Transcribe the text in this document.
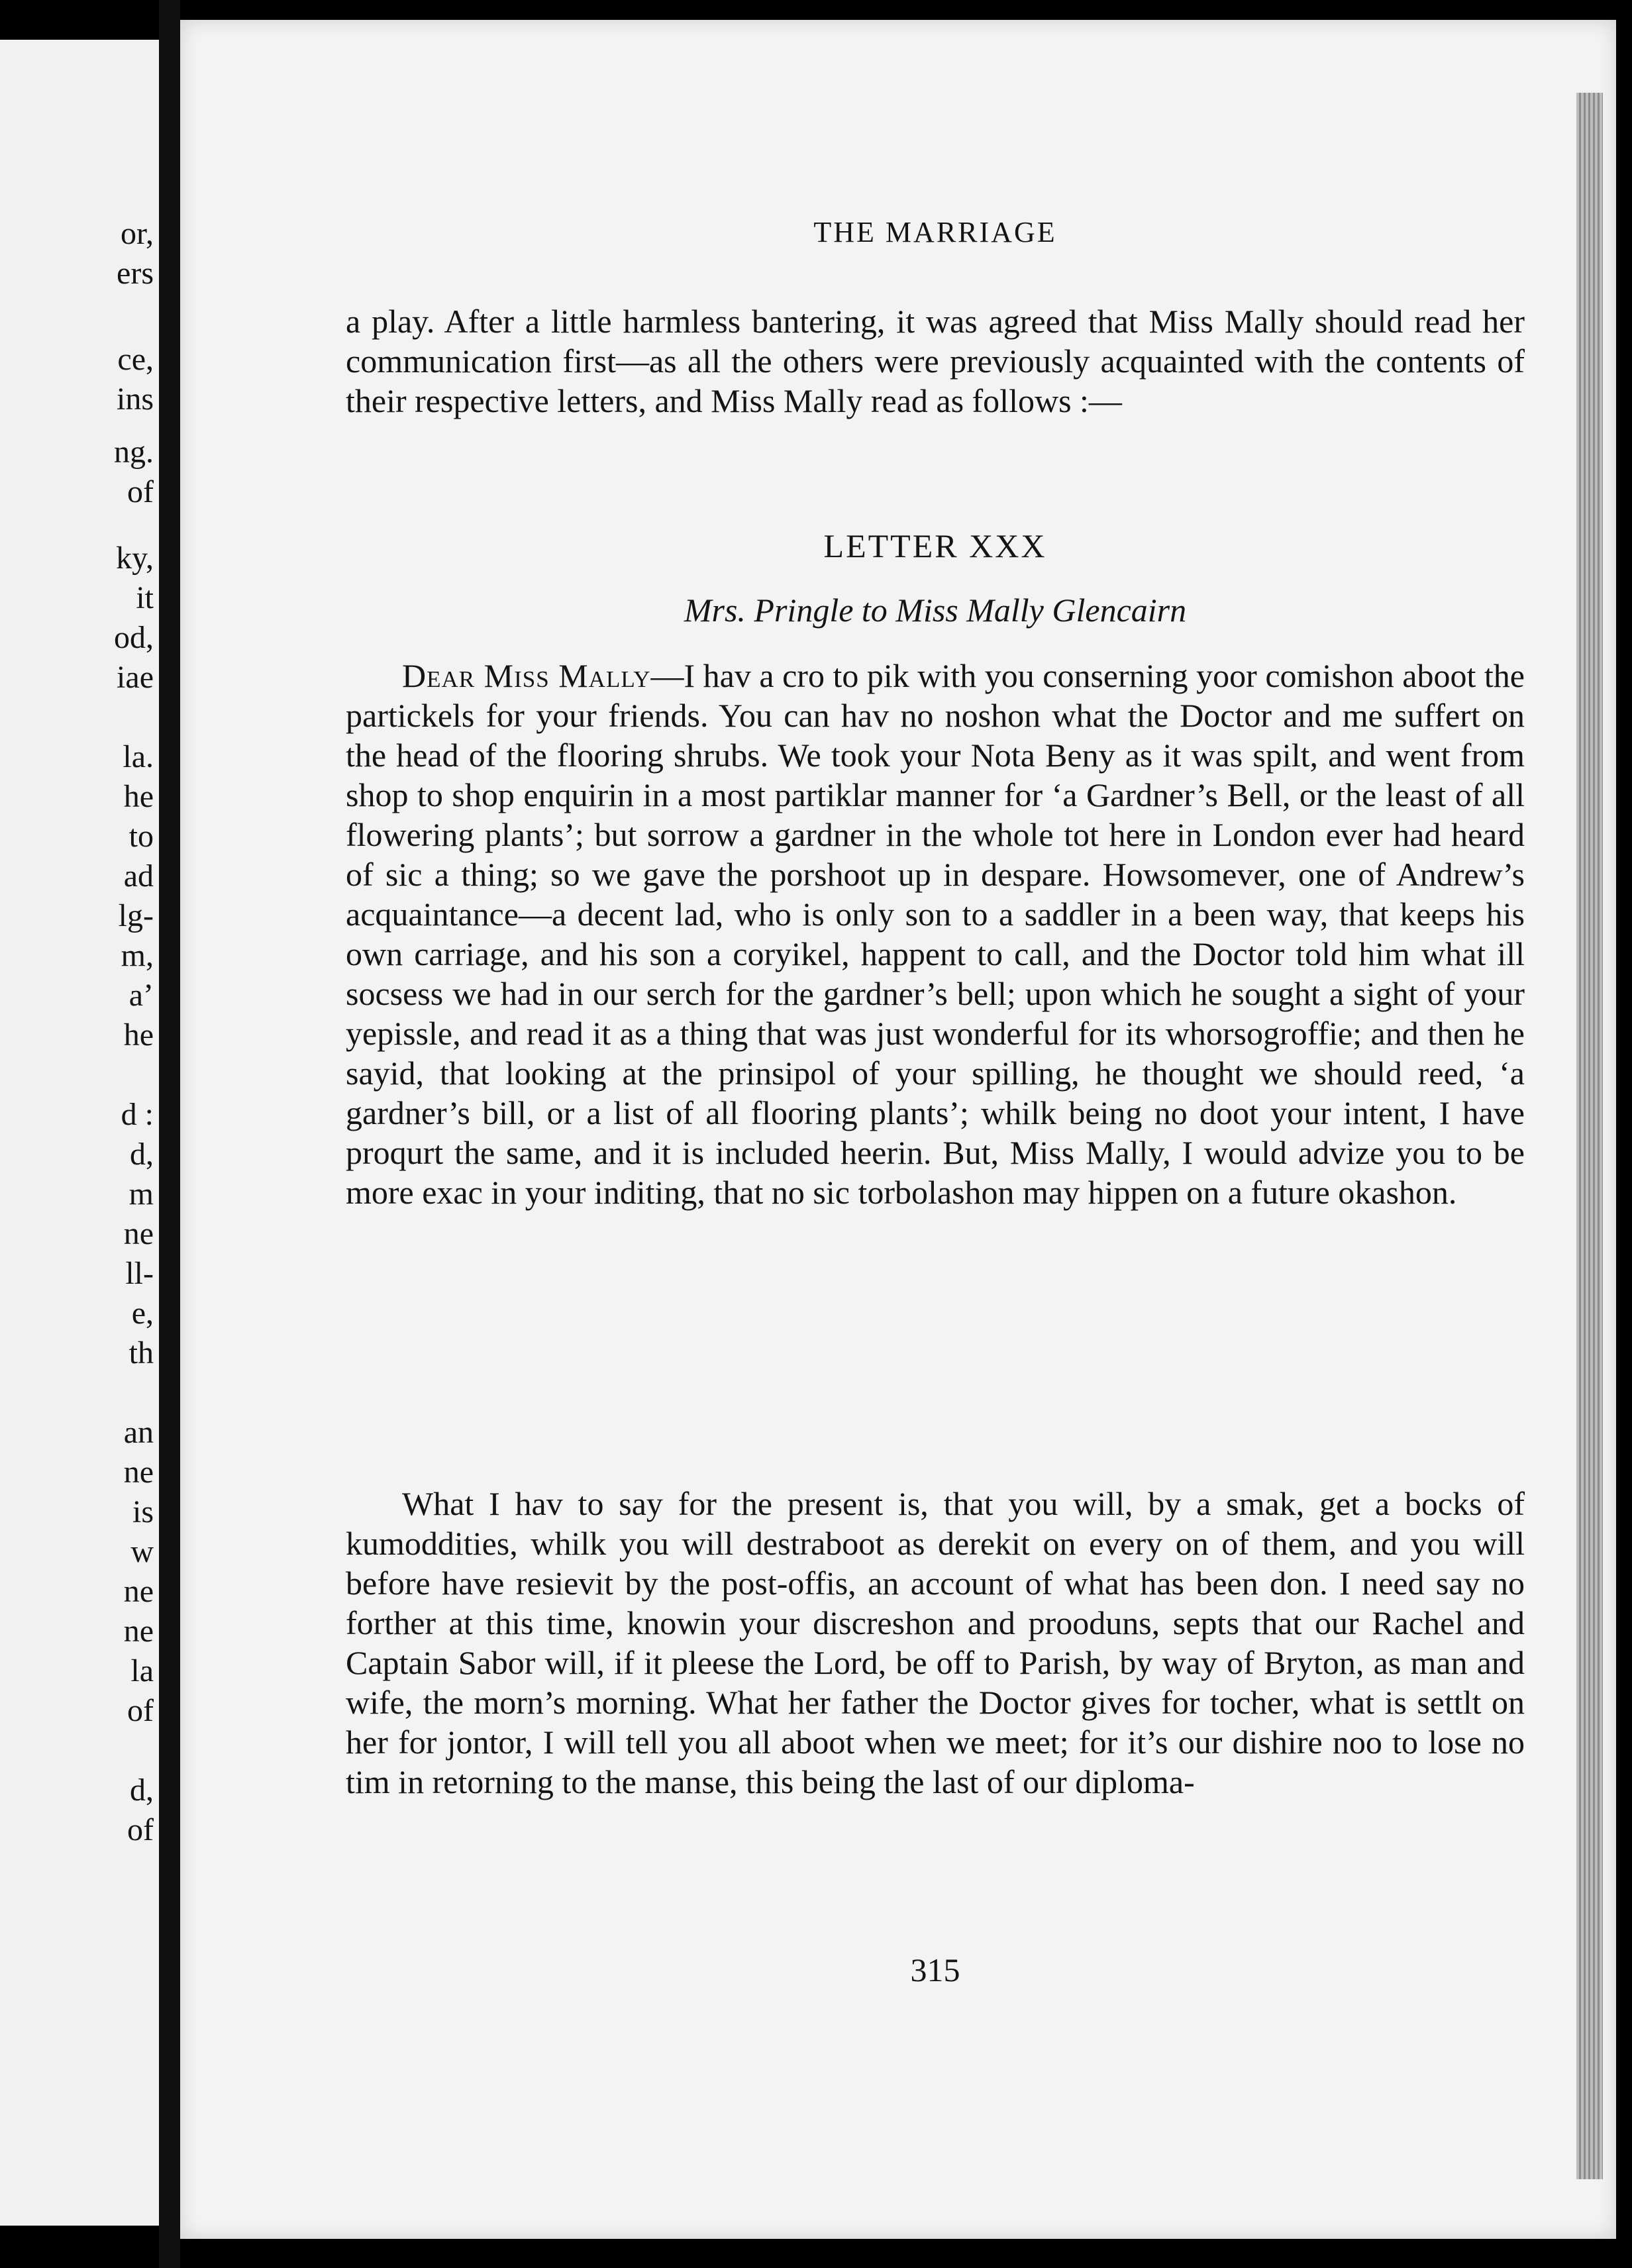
or,
ers
ce,
ins
ng.
of
ky,
it
od,
iae
la.
he
to
ad
lg-
m,
a’
he
d :
d,
m
ne
ll-
e,
th
an
ne
is
w
ne
ne
la
of
d,
of
THE MARRIAGE

a play. After a little harmless bantering, it was agreed that Miss Mally should read her communication first—as all the others were previously acquainted with the contents of their respective letters, and Miss Mally read as follows :—

LETTER XXX
Mrs. Pringle to Miss Mally Glencairn

Dear Miss Mally—I hav a cro to pik with you conserning yoor comishon aboot the partickels for your friends. You can hav no noshon what the Doctor and me suffert on the head of the flooring shrubs. We took your Nota Beny as it was spilt, and went from shop to shop enquirin in a most partiklar manner for ‘a Gardner’s Bell, or the least of all flowering plants’; but sorrow a gardner in the whole tot here in London ever had heard of sic a thing; so we gave the porshoot up in despare. Howsomever, one of Andrew’s acquaintance—a decent lad, who is only son to a saddler in a been way, that keeps his own carriage, and his son a coryikel, happent to call, and the Doctor told him what ill socsess we had in our serch for the gardner’s bell; upon which he sought a sight of your yepissle, and read it as a thing that was just wonderful for its whorsogroffie; and then he sayid, that looking at the prinsipol of your spilling, he thought we should reed, ‘a gardner’s bill, or a list of all flooring plants’; whilk being no doot your intent, I have proqurt the same, and it is included heerin. But, Miss Mally, I would advize you to be more exac in your inditing, that no sic torbolashon may hippen on a future okashon.

What I hav to say for the present is, that you will, by a smak, get a bocks of kumoddities, whilk you will destraboot as derekit on every on of them, and you will before have resievit by the post-offis, an account of what has been don. I need say no forther at this time, knowin your discreshon and prooduns, septs that our Rachel and Captain Sabor will, if it pleese the Lord, be off to Parish, by way of Bryton, as man and wife, the morn’s morning. What her father the Doctor gives for tocher, what is settlt on her for jontor, I will tell you all aboot when we meet; for it’s our dishire noo to lose no tim in retorning to the manse, this being the last of our diploma-

315
